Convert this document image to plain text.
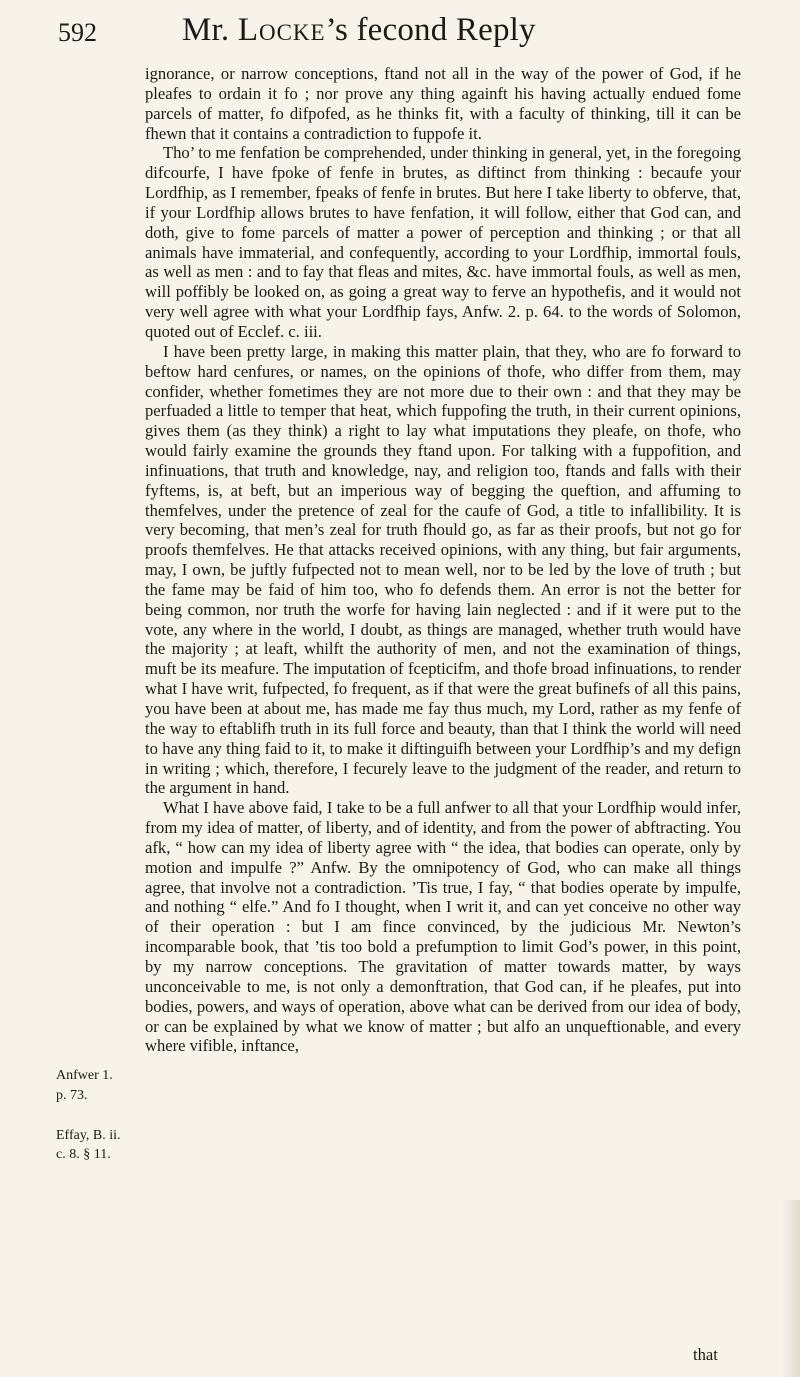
592	Mr. Locke’s fecond Reply

ignorance, or narrow conceptions, ftand not all in the way of the power of God, if he pleafes to ordain it fo ; nor prove any thing againft his having actually endued fome parcels of matter, fo difpofed, as he thinks fit, with a faculty of thinking, till it can be fhewn that it contains a contradiction to fuppofe it.

Tho’ to me fenfation be comprehended, under thinking in general, yet, in the foregoing difcourfe, I have fpoke of fenfe in brutes, as diftinct from thinking : becaufe your Lordfhip, as I remember, fpeaks of fenfe in brutes. But here I take liberty to obferve, that, if your Lordfhip allows brutes to have fenfation, it will follow, either that God can, and doth, give to fome parcels of matter a power of perception and thinking ; or that all animals have immaterial, and confequently, according to your Lordfhip, immortal fouls, as well as men : and to fay that fleas and mites, &c. have immortal fouls, as well as men, will poffibly be looked on, as going a great way to ferve an hypothefis, and it would not very well agree with what your Lordfhip fays, Anfw. 2. p. 64. to the words of Solomon, quoted out of Ecclef. c. iii.

I have been pretty large, in making this matter plain, that they, who are fo forward to beftow hard cenfures, or names, on the opinions of thofe, who differ from them, may confider, whether fometimes they are not more due to their own : and that they may be perfuaded a little to temper that heat, which fuppofing the truth, in their current opinions, gives them (as they think) a right to lay what imputations they pleafe, on thofe, who would fairly examine the grounds they ftand upon. For talking with a fuppofition, and infinuations, that truth and knowledge, nay, and religion too, ftands and falls with their fyftems, is, at beft, but an imperious way of begging the queftion, and affuming to themfelves, under the pretence of zeal for the caufe of God, a title to infallibility. It is very becoming, that men’s zeal for truth fhould go, as far as their proofs, but not go for proofs themfelves. He that attacks received opinions, with any thing, but fair arguments, may, I own, be juftly fufpected not to mean well, nor to be led by the love of truth ; but the fame may be faid of him too, who fo defends them. An error is not the better for being common, nor truth the worfe for having lain neglected : and if it were put to the vote, any where in the world, I doubt, as things are managed, whether truth would have the majority ; at leaft, whilft the authority of men, and not the examination of things, muft be its meafure. The imputation of fcepticifm, and thofe broad infinuations, to render what I have writ, fufpected, fo frequent, as if that were the great bufinefs of all this pains, you have been at about me, has made me fay thus much, my Lord, rather as my fenfe of the way to eftablifh truth in its full force and beauty, than that I think the world will need to have any thing faid to it, to make it diftinguifh between your Lordfhip’s and my defign in writing ; which, therefore, I fecurely leave to the judgment of the reader, and return to the argument in hand.

What I have above faid, I take to be a full anfwer to all that your Lordfhip would infer, from my idea of matter, of liberty, and of identity, and from the power of abftracting. You afk, “ how can my idea of liberty agree with “ the idea, that bodies can operate, only by motion and impulfe ?” Anfw. By the omnipotency of God, who can make all things agree, that involve not a contradiction. ’Tis true, I fay, “ that bodies operate by impulfe, and nothing “ elfe.” And fo I thought, when I writ it, and can yet conceive no other way of their operation : but I am fince convinced, by the judicious Mr. Newton’s incomparable book, that ’tis too bold a prefumption to limit God’s power, in this point, by my narrow conceptions. The gravitation of matter towards matter, by ways unconceivable to me, is not only a demonftration, that God can, if he pleafes, put into bodies, powers, and ways of operation, above what can be derived from our idea of body, or can be explained by what we know of matter ; but alfo an unqueftionable, and every where vifible, inftance,

Anfwer 1.
p. 73.

Effay, B. ii.
c. 8. § 11.
that
